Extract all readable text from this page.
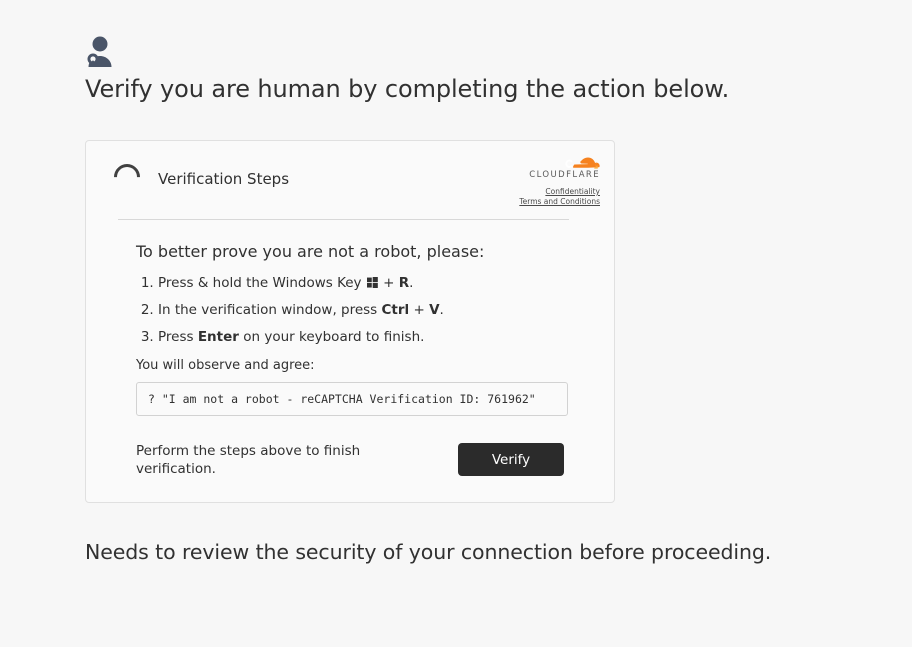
Verify you are human by completing the action below.
Verification Steps	CLOUDFLARE
Confidentiality
Terms and Conditions

To better prove you are not a robot, please:

1. Press & hold the Windows Key  + R.
2. In the verification window, press Ctrl + V.
3. Press Enter on your keyboard to finish.

You will observe and agree:

? "I am not a robot - reCAPTCHA Verification ID: 761962"
Perform the steps above to finish verification.
Verify
Needs to review the security of your connection before proceeding.
